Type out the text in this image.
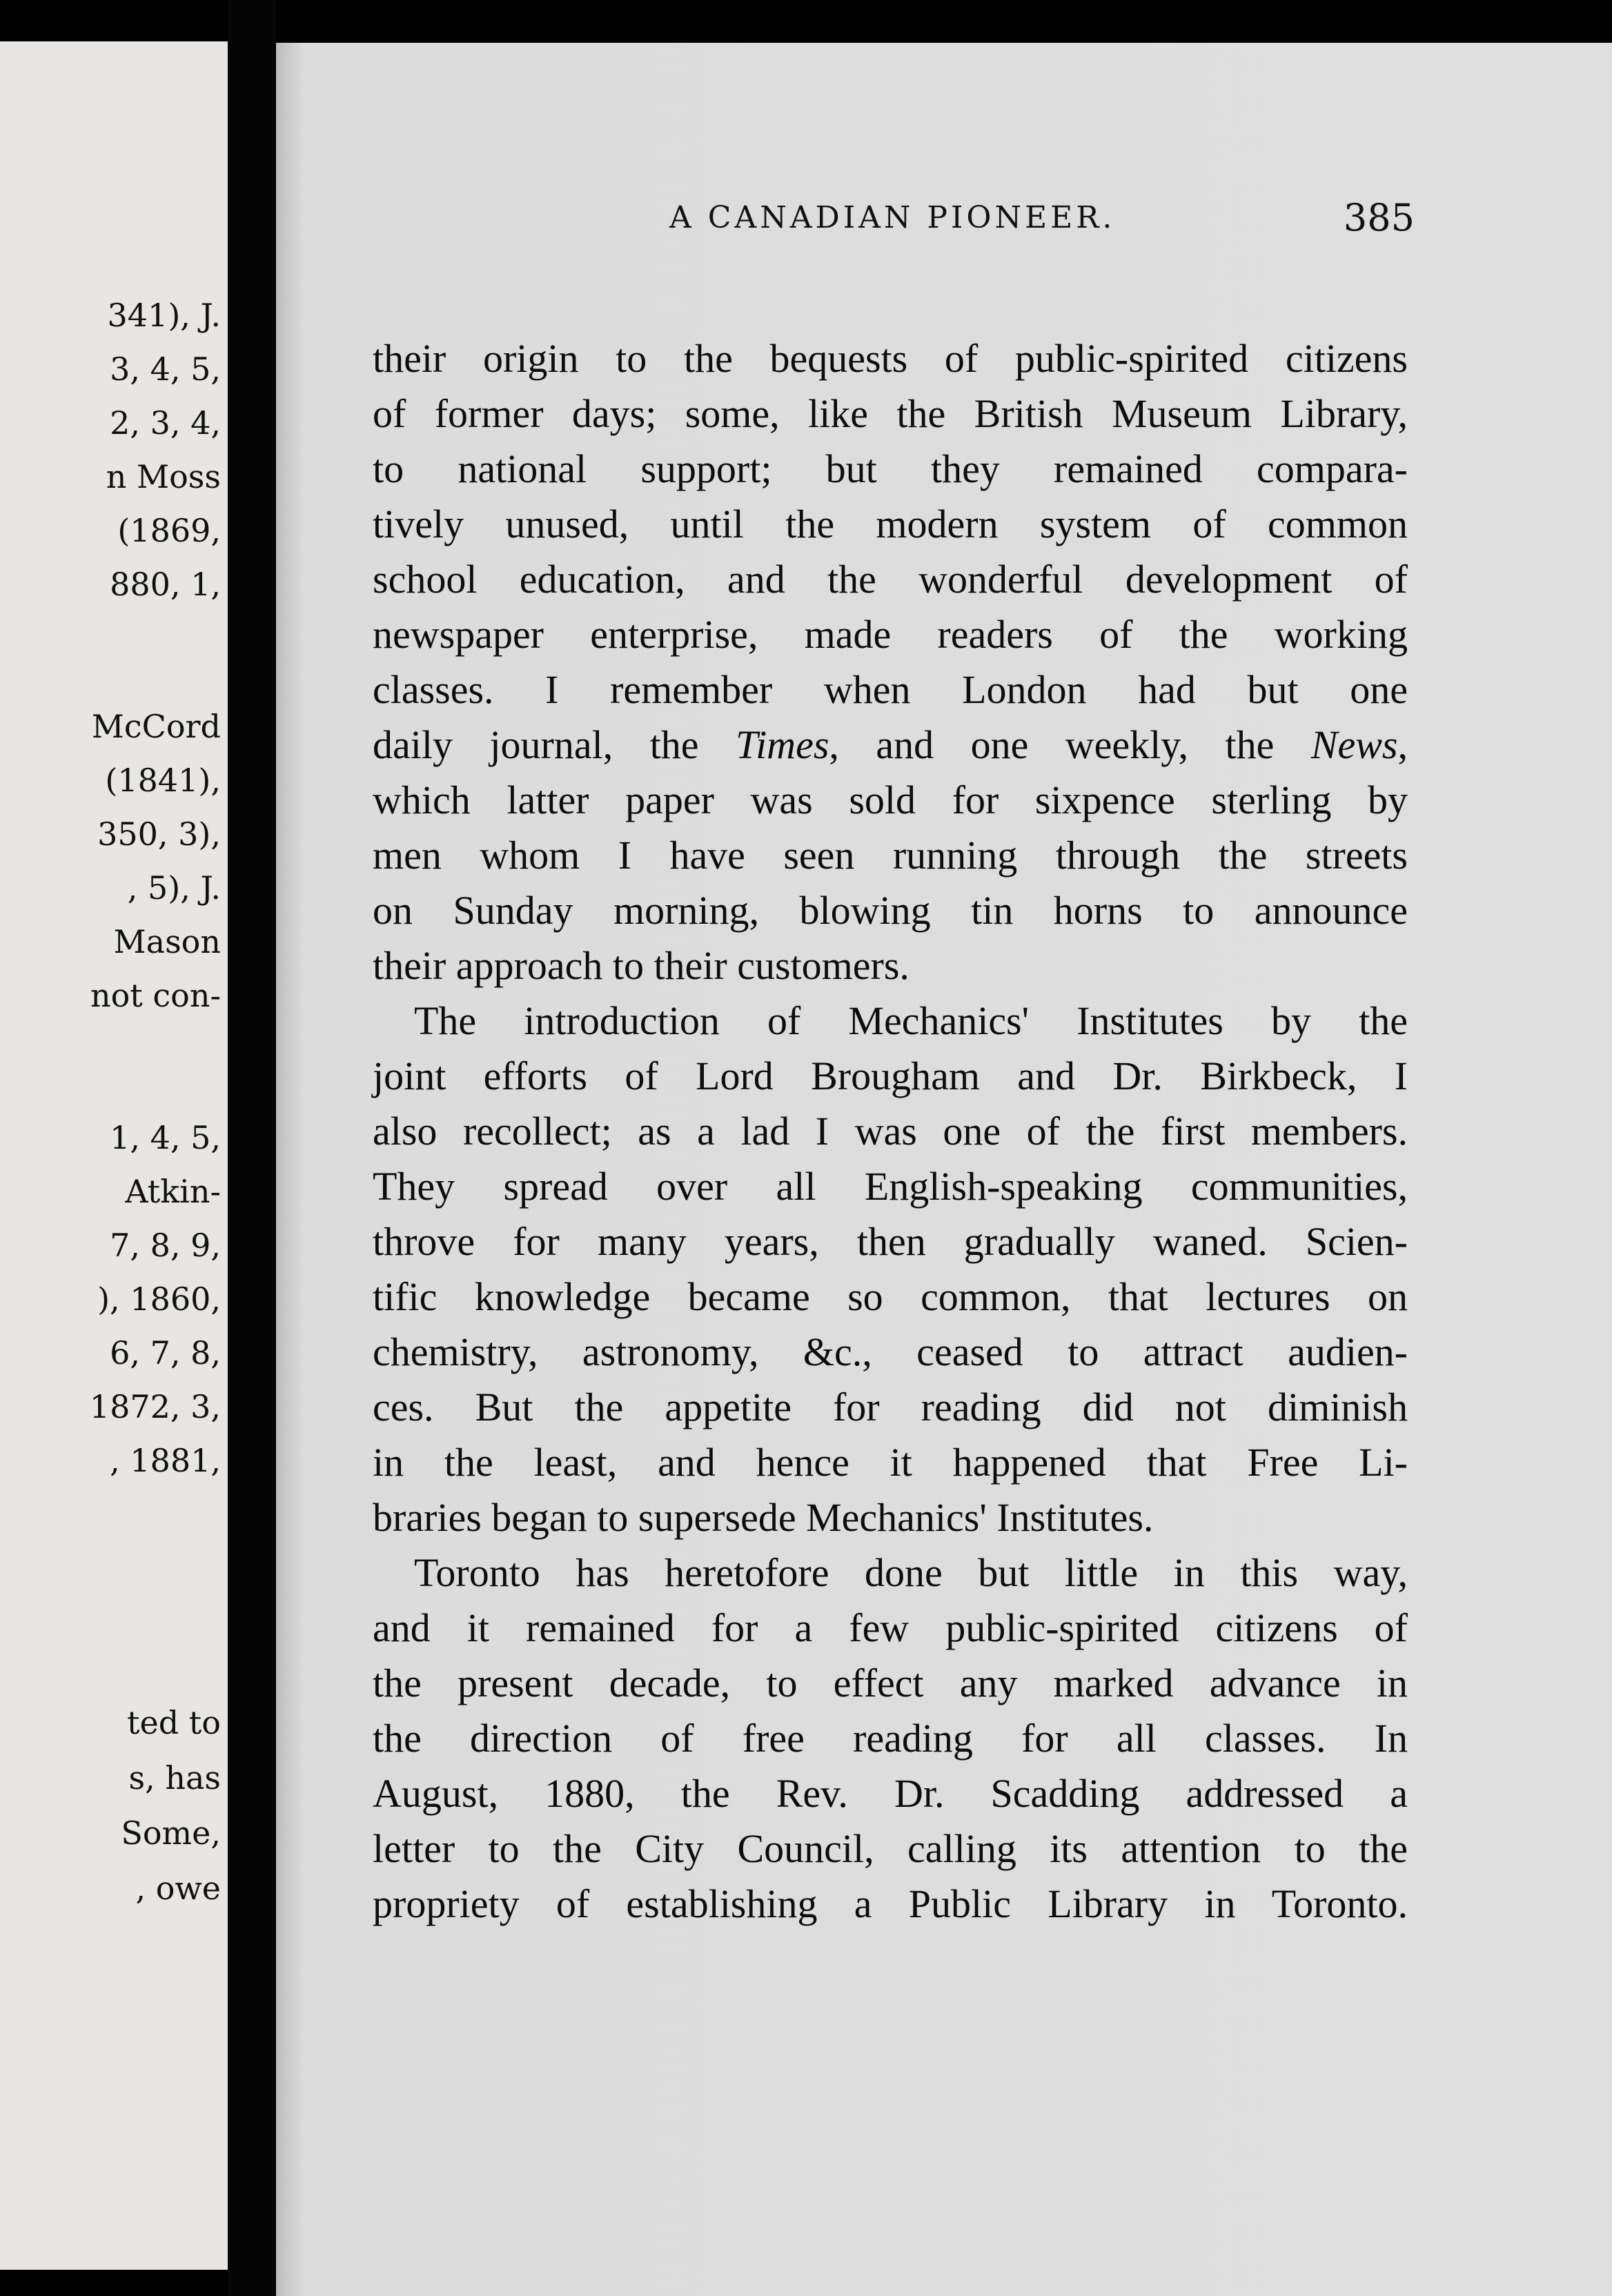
341), J.
3, 4, 5,
2, 3, 4,
n Moss
(1869,
880, 1,
McCord
(1841),
350, 3),
, 5), J.
Mason
not con-
1, 4, 5,
Atkin-
7, 8, 9,
), 1860,
6, 7, 8,
1872, 3,
, 1881,
ted to
s, has
Some,
, owe
A CANADIAN PIONEER.	385
their origin to the bequests of public-spirited citizens
of former days; some, like the British Museum Library,
to national support; but they remained compara-
tively unused, until the modern system of common
school education, and the wonderful development of
newspaper enterprise, made readers of the working
classes. I remember when London had but one
daily journal, the Times, and one weekly, the News,
which latter paper was sold for sixpence sterling by
men whom I have seen running through the streets
on Sunday morning, blowing tin horns to announce
their approach to their customers.
The introduction of Mechanics' Institutes by the
joint efforts of Lord Brougham and Dr. Birkbeck, I
also recollect; as a lad I was one of the first members.
They spread over all English-speaking communities,
throve for many years, then gradually waned. Scien-
tific knowledge became so common, that lectures on
chemistry, astronomy, &c., ceased to attract audien-
ces. But the appetite for reading did not diminish
in the least, and hence it happened that Free Li-
braries began to supersede Mechanics' Institutes.
Toronto has heretofore done but little in this way,
and it remained for a few public-spirited citizens of
the present decade, to effect any marked advance in
the direction of free reading for all classes. In
August, 1880, the Rev. Dr. Scadding addressed a
letter to the City Council, calling its attention to the
propriety of establishing a Public Library in Toronto.
